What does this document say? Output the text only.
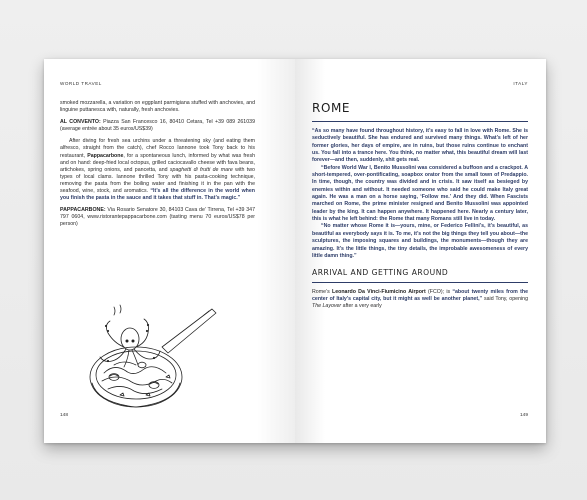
WORLD TRAVEL

smoked mozzarella, a variation on eggplant parmigiana stuffed with anchovies, and linguine puttanesca with, naturally, fresh anchovies.

AL CONVENTO: Piazza San Francesco 16, 80410 Cetara, Tel +39 089 261039 (average entrée about 35 euros/US$39)

After diving for fresh sea urchins under a threatening sky (and eating them alfresco, straight from the catch), chef Rocco Iannone took Tony back to his restaurant, Pappacarbone, for a spontaneous lunch, informed by what was fresh and on hand: deep-fried local octopus, grilled caciocavallo cheese with fava beans, artichokes, spring onions, and pancetta, and spaghetti di frutti de mare with two types of local clams. Iannone thrilled Tony with his pasta-cooking technique, removing the pasta from the boiling water and finishing it in the pan with the seafood, wine, stock, and aromatics. “It’s all the difference in the world when you finish the pasta in the sauce and it takes that stuff in. That’s magic.”

PAPPACARBONE: Via Rosario Senatore 30, 84103 Cava de’ Tirrena, Tel +39 347 797 0604, www.ristorantepappacarbone.com (tasting menu 70 euros/US$78 per person)

148
ITALY
ROME

“As so many have found throughout history, it’s easy to fall in love with Rome. She is seductively beautiful. She has endured and survived many things. What’s left of her former glories, her days of empire, are in ruins, but those ruins continue to enchant us. You fall into a trance here. You think, no matter what, this beautiful dream will last forever—and then, suddenly, shit gets real.

“Before World War I, Benito Mussolini was considered a buffoon and a crackpot. A short-tempered, over-pontificating, soapbox orator from the small town of Predappio. In time, though, the country was divided and in crisis. It saw itself as besieged by enemies within and without. It needed someone who said he could make Italy great again. He was a man on a horse saying, ‘Follow me.’ And they did. When Fascists marched on Rome, the prime minister resigned and Benito Mussolini was appointed leader by the king. It can happen anywhere. It happened here. Nearly a century later, this is what he left behind: the Rome that many Romans still live in today.

“No matter whose Rome it is—yours, mine, or Federico Fellini’s, it’s beautiful, as beautiful as everybody says it is. To me, it’s not the big things they tell you about—the sculptures, the imposing squares and buildings, the monuments—though they are amazing. It’s the little things, the tiny details, the improbable awesomeness of every little damn thing.”

ARRIVAL AND GETTING AROUND

Rome’s Leonardo Da Vinci-Fiumicino Airport (FCO); is “about twenty miles from the center of Italy’s capital city, but it might as well be another planet,” said Tony, opening The Layover after a very early

149
